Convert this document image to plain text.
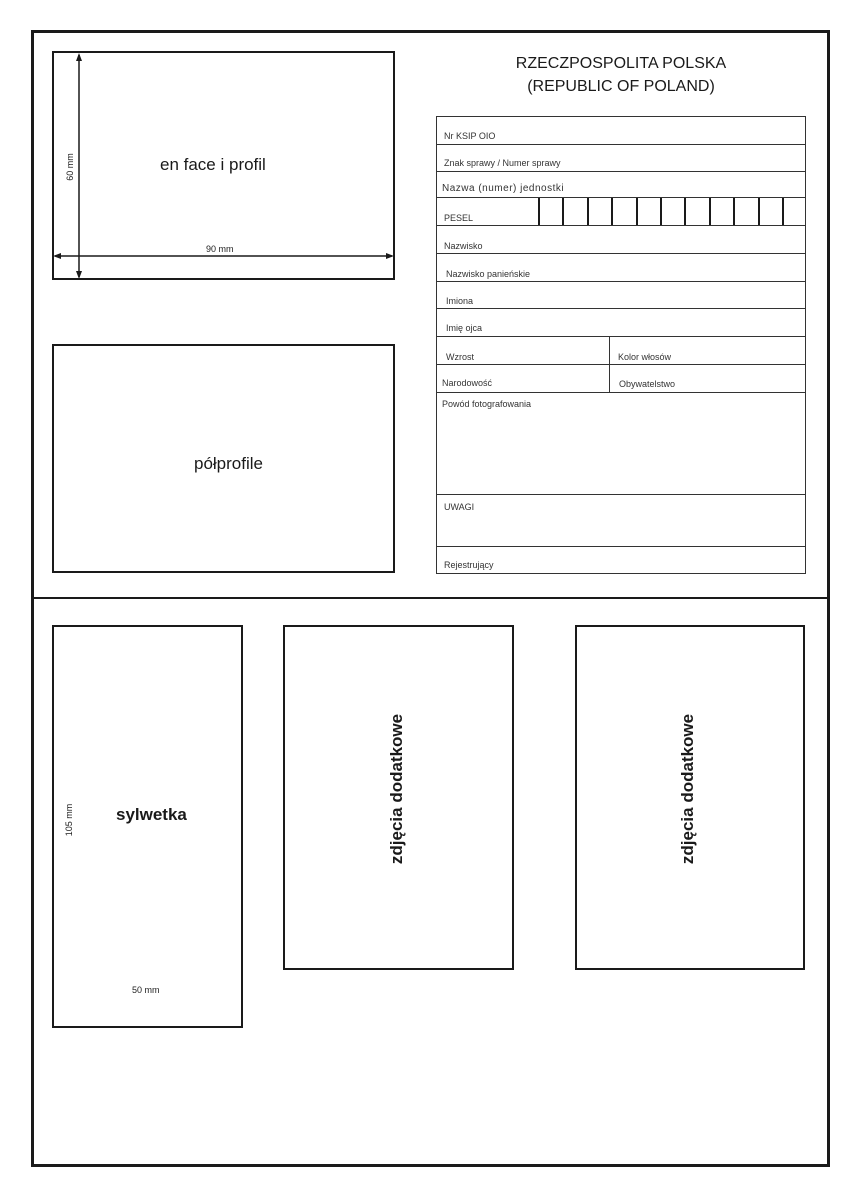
RZECZPOSPOLITA POLSKA
(REPUBLIC OF POLAND)
en face i profil
60 mm
90 mm
półprofile
sylwetka
105 mm
50 mm
zdjęcia dodatkowe	zdjęcia dodatkowe
Nr KSIP OIO
Znak sprawy / Numer sprawy
Nazwa (numer) jednostki
PESEL
Nazwisko
Nazwisko panieńskie
Imiona
Imię ojca
Wzrost	Kolor włosów
Narodowość	Obywatelstwo
Powód fotografowania
UWAGI
Rejestrujący
